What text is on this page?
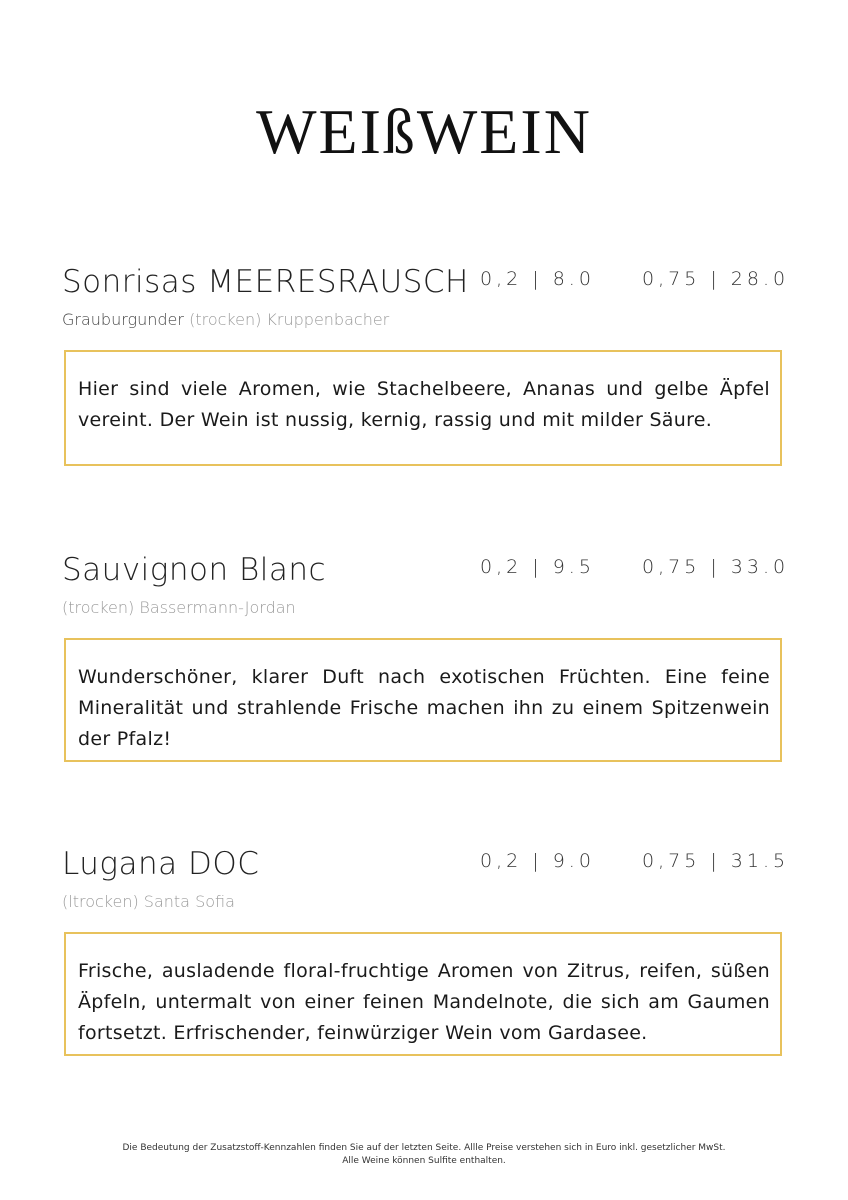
WEIßWEIN
Sonrisas MEERESRAUSCH 0,2 | 8.0 0,75 | 28.0
Grauburgunder (trocken) Kruppenbacher
Hier sind viele Aromen, wie Stachelbeere, Ananas und gelbe Äpfel vereint. Der Wein ist nussig, kernig, rassig und mit milder Säure.
Sauvignon Blanc	0,2 | 9.5 0,75 | 33.0
(trocken) Bassermann-Jordan
Wunderschöner, klarer Duft nach exotischen Früchten. Eine feine Mineralität und strahlende Frische machen ihn zu einem Spitzenwein der Pfalz!
Lugana DOC	0,2 | 9.0 0,75 | 31.5
(ltrocken) Santa Sofia
Frische, ausladende floral-fruchtige Aromen von Zitrus, reifen, süßen Äpfeln, untermalt von einer feinen Mandelnote, die sich am Gaumen fortsetzt. Erfrischender, feinwürziger Wein vom Gardasee.
Die Bedeutung der Zusatzstoff-Kennzahlen finden Sie auf der letzten Seite. Allle Preise verstehen sich in Euro inkl. gesetzlicher MwSt.
Alle Weine können Sulfite enthalten.
